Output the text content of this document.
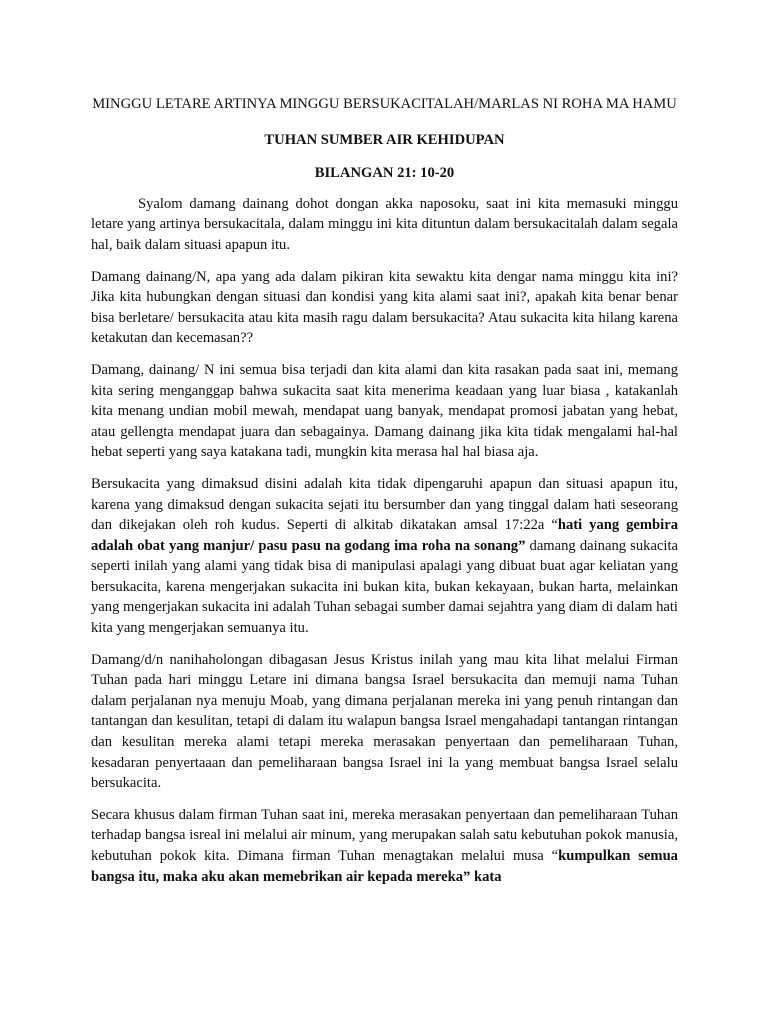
MINGGU LETARE ARTINYA MINGGU BERSUKACITALAH/MARLAS NI ROHA MA HAMU

TUHAN SUMBER AIR KEHIDUPAN

BILANGAN 21: 10-20

Syalom damang dainang dohot dongan akka naposoku, saat ini kita memasuki minggu letare yang artinya bersukacitala, dalam minggu ini kita dituntun dalam bersukacitalah dalam segala hal, baik dalam situasi apapun itu.

Damang dainang/N, apa yang ada dalam pikiran kita sewaktu kita dengar nama minggu kita ini? Jika kita hubungkan dengan situasi dan kondisi yang kita alami saat ini?, apakah kita benar benar bisa berletare/ bersukacita atau kita masih ragu dalam bersukacita? Atau sukacita kita hilang karena ketakutan dan kecemasan??

Damang, dainang/ N ini semua bisa terjadi dan kita alami dan kita rasakan pada saat ini, memang kita sering menganggap bahwa sukacita saat kita menerima keadaan yang luar biasa , katakanlah kita menang undian mobil mewah, mendapat uang banyak, mendapat promosi jabatan yang hebat, atau gellengta mendapat juara dan sebagainya. Damang dainang jika kita tidak mengalami hal-hal hebat seperti yang saya katakana tadi, mungkin kita merasa hal hal biasa aja.

Bersukacita yang dimaksud disini adalah kita tidak dipengaruhi apapun dan situasi apapun itu, karena yang dimaksud dengan sukacita sejati itu bersumber dan yang tinggal dalam hati seseorang dan dikejakan oleh roh kudus. Seperti di alkitab dikatakan amsal 17:22a “hati yang gembira adalah obat yang manjur/ pasu pasu na godang ima roha na sonang” damang dainang sukacita seperti inilah yang alami yang tidak bisa di manipulasi apalagi yang dibuat buat agar keliatan yang bersukacita, karena mengerjakan sukacita ini bukan kita, bukan kekayaan, bukan harta, melainkan yang mengerjakan sukacita ini adalah Tuhan sebagai sumber damai sejahtra yang diam di dalam hati kita yang mengerjakan semuanya itu.

Damang/d/n nanihaholongan dibagasan Jesus Kristus inilah yang mau kita lihat melalui Firman Tuhan pada hari minggu Letare ini dimana bangsa Israel bersukacita dan memuji nama Tuhan dalam perjalanan nya menuju Moab, yang dimana perjalanan mereka ini yang penuh rintangan dan tantangan dan kesulitan, tetapi di dalam itu walapun bangsa Israel mengahadapi tantangan rintangan dan kesulitan mereka alami tetapi mereka merasakan penyertaan dan pemeliharaan Tuhan, kesadaran penyertaaan dan pemeliharaan bangsa Israel ini la yang membuat bangsa Israel selalu bersukacita.

Secara khusus dalam firman Tuhan saat ini, mereka merasakan penyertaan dan pemeliharaan Tuhan terhadap bangsa isreal ini melalui air minum, yang merupakan salah satu kebutuhan pokok manusia, kebutuhan pokok kita. Dimana firman Tuhan menagtakan melalui musa “kumpulkan semua bangsa itu, maka aku akan memebrikan air kepada mereka” kata
